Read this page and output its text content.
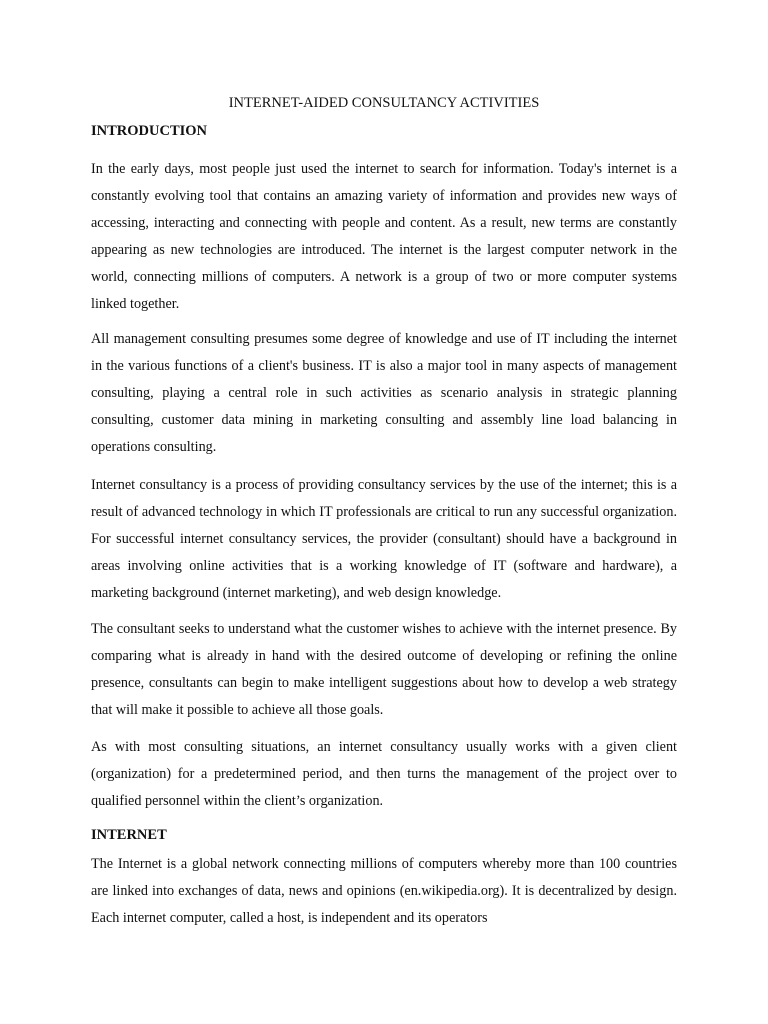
INTERNET-AIDED CONSULTANCY ACTIVITIES
INTRODUCTION

In the early days, most people just used the internet to search for information. Today's internet is a constantly evolving tool that contains an amazing variety of information and provides new ways of accessing, interacting and connecting with people and content. As a result, new terms are constantly appearing as new technologies are introduced. The internet is the largest computer network in the world, connecting millions of computers. A network is a group of two or more computer systems linked together.

All management consulting presumes some degree of knowledge and use of IT including the internet in the various functions of a client's business. IT is also a major tool in many aspects of management consulting, playing a central role in such activities as scenario analysis in strategic planning consulting, customer data mining in marketing consulting and assembly line load balancing in operations consulting.

Internet consultancy is a process of providing consultancy services by the use of the internet; this is a result of advanced technology in which IT professionals are critical to run any successful organization. For successful internet consultancy services, the provider (consultant) should have a background in areas involving online activities that is a working knowledge of IT (software and hardware), a marketing background (internet marketing), and web design knowledge.

The consultant seeks to understand what the customer wishes to achieve with the internet presence. By comparing what is already in hand with the desired outcome of developing or refining the online presence, consultants can begin to make intelligent suggestions about how to develop a web strategy that will make it possible to achieve all those goals.

As with most consulting situations, an internet consultancy usually works with a given client (organization) for a predetermined period, and then turns the management of the project over to qualified personnel within the client’s organization.

INTERNET

The Internet is a global network connecting millions of computers whereby more than 100 countries are linked into exchanges of data, news and opinions (en.wikipedia.org). It is decentralized by design. Each internet computer, called a host, is independent and its operators
